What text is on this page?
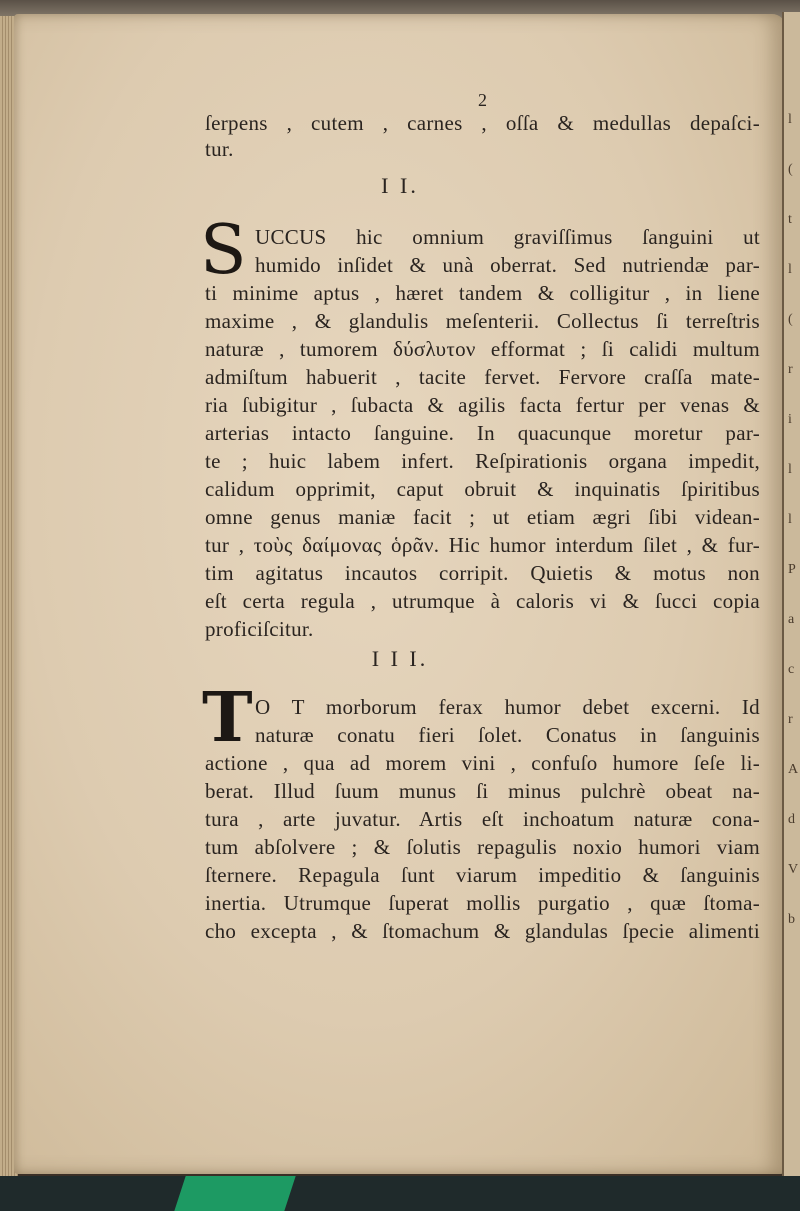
l
(
t
l
(
r
i
l
l
P
a
c
r
A
d
V
b
2
ſerpens , cutem , carnes , oſſa & medullas depaſci-
tur.
I I.
S UCCUS hic omnium graviſſimus ſanguini ut
humido inſidet & unà oberrat. Sed nutriendæ par-
ti minime aptus , hæret tandem & colligitur , in liene
maxime , & glandulis meſenterii. Collectus ſi terreſtris
naturæ , tumorem δύσλυτον efformat ; ſi calidi multum
admiſtum habuerit , tacite fervet. Fervore craſſa mate-
ria ſubigitur , ſubacta & agilis facta fertur per venas &
arterias intacto ſanguine. In quacunque moretur par-
te ; huic labem infert. Reſpirationis organa impedit,
calidum opprimit, caput obruit & inquinatis ſpiritibus
omne genus maniæ facit ; ut etiam ægri ſibi videan-
tur , τοὺς δαίμονας ὁρᾶν. Hic humor interdum ſilet , & fur-
tim agitatus incautos corripit. Quietis & motus non
eſt certa regula , utrumque à caloris vi & ſucci copia
proficiſcitur.
I I I.
T O T morborum ferax humor debet excerni. Id
naturæ conatu fieri ſolet. Conatus in ſanguinis
actione , qua ad morem vini , confuſo humore ſeſe li-
berat. Illud ſuum munus ſi minus pulchrè obeat na-
tura , arte juvatur. Artis eſt inchoatum naturæ cona-
tum abſolvere ; & ſolutis repagulis noxio humori viam
ſternere. Repagula ſunt viarum impeditio & ſanguinis
inertia. Utrumque ſuperat mollis purgatio , quæ ſtoma-
cho excepta , & ſtomachum & glandulas ſpecie alimenti
